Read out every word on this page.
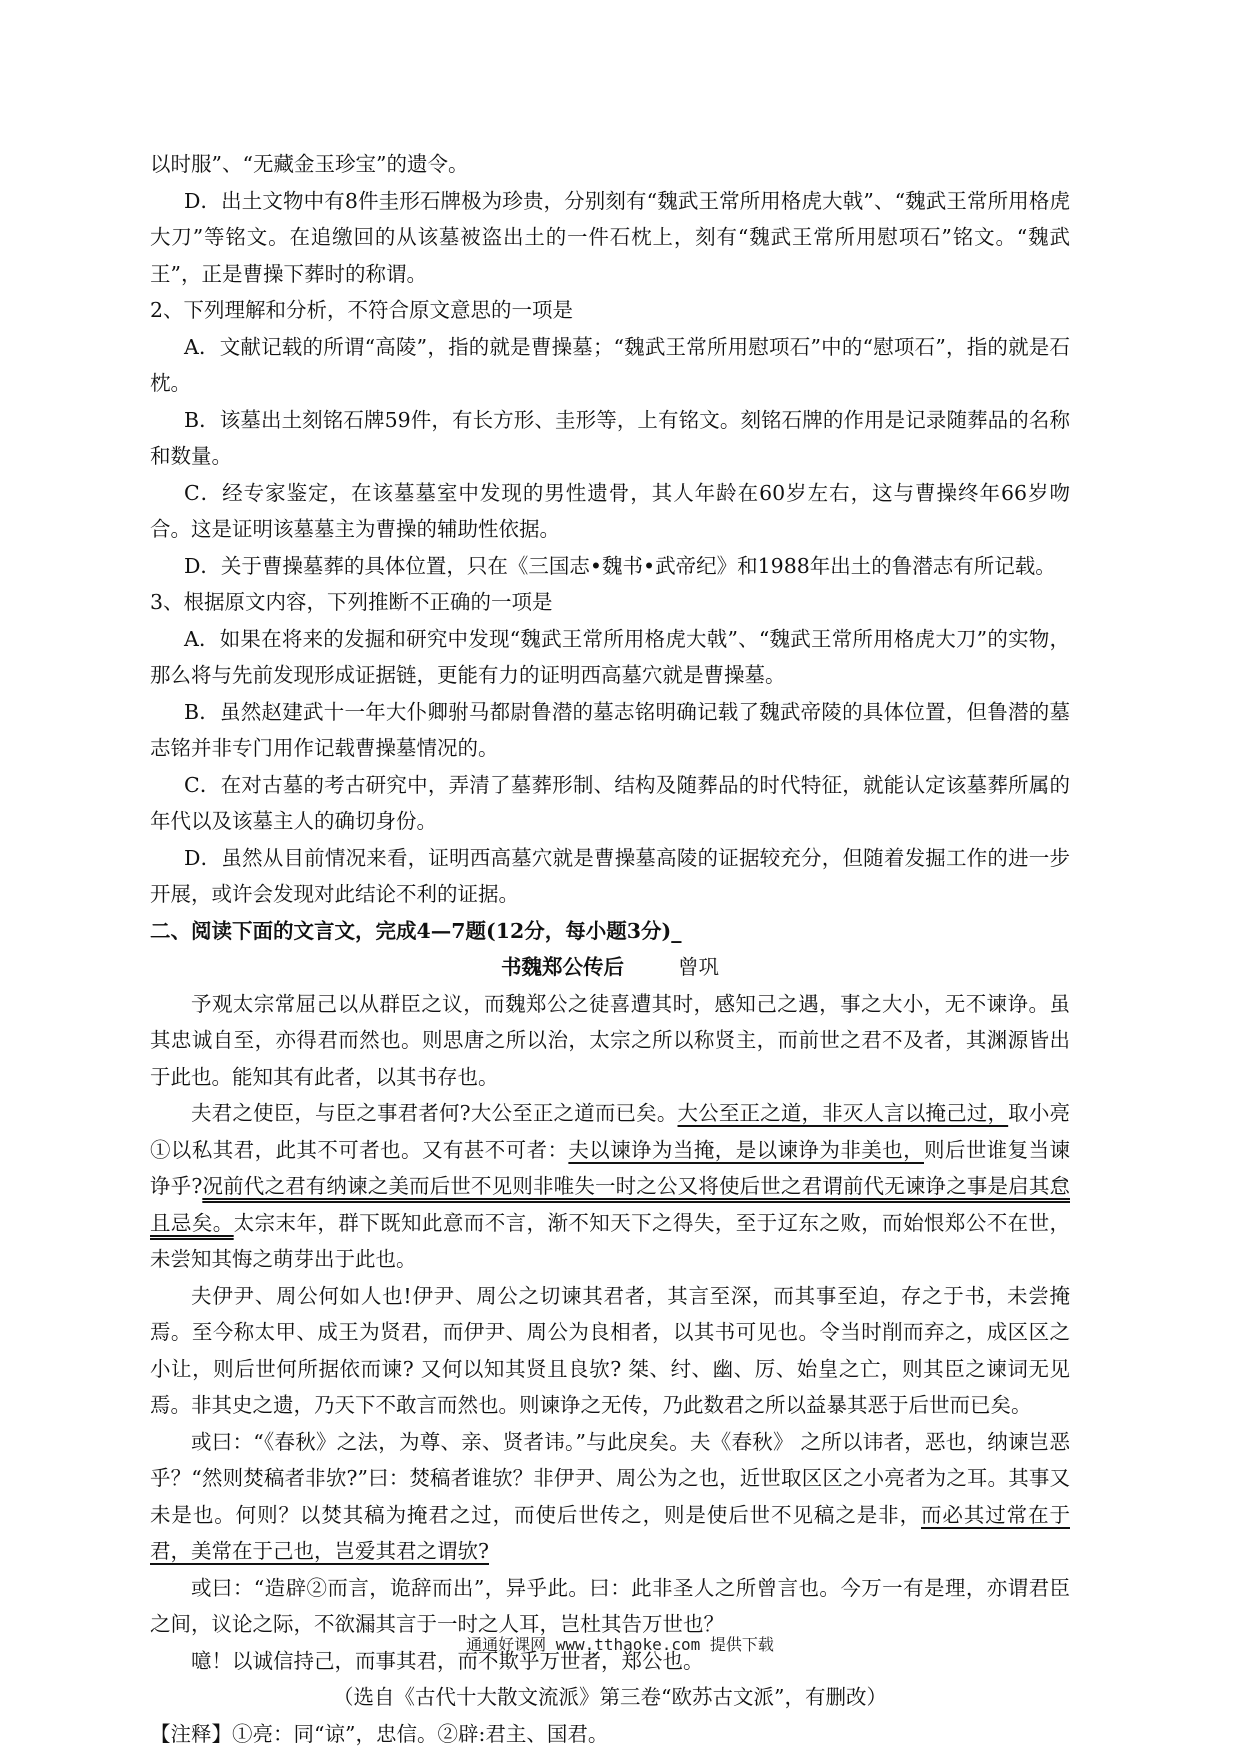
以时服”、“无藏金玉珍宝”的遗令。

D．出土文物中有8件圭形石牌极为珍贵，分别刻有“魏武王常所用格虎大戟”、“魏武王常所用格虎大刀”等铭文。在追缴回的从该墓被盗出土的一件石枕上，刻有“魏武王常所用慰项石”铭文。“魏武王”，正是曹操下葬时的称谓。

2、下列理解和分析，不符合原文意思的一项是

A．文献记载的所谓“高陵”，指的就是曹操墓；“魏武王常所用慰项石”中的“慰项石”，指的就是石枕。

B．该墓出土刻铭石牌59件，有长方形、圭形等，上有铭文。刻铭石牌的作用是记录随葬品的名称和数量。

C．经专家鉴定，在该墓墓室中发现的男性遗骨，其人年龄在60岁左右，这与曹操终年66岁吻合。这是证明该墓墓主为曹操的辅助性依据。

D．关于曹操墓葬的具体位置，只在《三国志•魏书•武帝纪》和1988年出土的鲁潜志有所记载。

3、根据原文内容，下列推断不正确的一项是

A．如果在将来的发掘和研究中发现“魏武王常所用格虎大戟”、“魏武王常所用格虎大刀”的实物，那么将与先前发现形成证据链，更能有力的证明西高墓穴就是曹操墓。

B．虽然赵建武十一年大仆卿驸马都尉鲁潜的墓志铭明确记载了魏武帝陵的具体位置，但鲁潜的墓志铭并非专门用作记载曹操墓情况的。

C．在对古墓的考古研究中，弄清了墓葬形制、结构及随葬品的时代特征，就能认定该墓葬所属的年代以及该墓主人的确切身份。

D．虽然从目前情况来看，证明西高墓穴就是曹操墓高陵的证据较充分，但随着发掘工作的进一步开展，或许会发现对此结论不利的证据。

二、阅读下面的文言文，完成4—7题(12分，每小题3分)_

书魏郑公传后	曾巩

予观太宗常屈己以从群臣之议，而魏郑公之徒喜遭其时，感知己之遇，事之大小，无不谏诤。虽其忠诚自至，亦得君而然也。则思唐之所以治，太宗之所以称贤主，而前世之君不及者，其渊源皆出于此也。能知其有此者，以其书存也。

夫君之使臣，与臣之事君者何?大公至正之道而已矣。大公至正之道，非灭人言以掩己过，取小亮①以私其君，此其不可者也。又有甚不可者：夫以谏诤为当掩，是以谏诤为非美也，则后世谁复当谏诤乎?况前代之君有纳谏之美而后世不见则非唯失一时之公又将使后世之君谓前代无谏诤之事是启其怠且忌矣。太宗末年，群下既知此意而不言，渐不知天下之得失，至于辽东之败，而始恨郑公不在世，未尝知其悔之萌芽出于此也。

夫伊尹、周公何如人也!伊尹、周公之切谏其君者，其言至深，而其事至迫，存之于书，未尝掩焉。至今称太甲、成王为贤君，而伊尹、周公为良相者，以其书可见也。令当时削而弃之，成区区之小让，则后世何所据依而谏? 又何以知其贤且良欤? 桀、纣、幽、厉、始皇之亡，则其臣之谏词无见焉。非其史之遗，乃天下不敢言而然也。则谏诤之无传，乃此数君之所以益暴其恶于后世而已矣。

或曰：“《春秋》之法，为尊、亲、贤者讳。”与此戾矣。夫《春秋》 之所以讳者，恶也，纳谏岂恶乎？“然则焚稿者非欤?”曰：焚稿者谁欤？非伊尹、周公为之也，近世取区区之小亮者为之耳。其事又未是也。何则？以焚其稿为掩君之过，而使后世传之，则是使后世不见稿之是非，而必其过常在于君，美常在于己也，岂爱其君之谓欤?

或曰：“造辟②而言，诡辞而出”，异乎此。曰：此非圣人之所曾言也。今万一有是理，亦谓君臣之间，议论之际，不欲漏其言于一时之人耳，岂杜其告万世也？

噫！以诚信持己，而事其君，而不欺乎万世者，郑公也。

（选自《古代十大散文流派》第三卷“欧苏古文派”，有删改）

【注释】①亮：同“谅”，忠信。②辟:君主、国君。

通通好课网 www.tthaoke.com 提供下载
